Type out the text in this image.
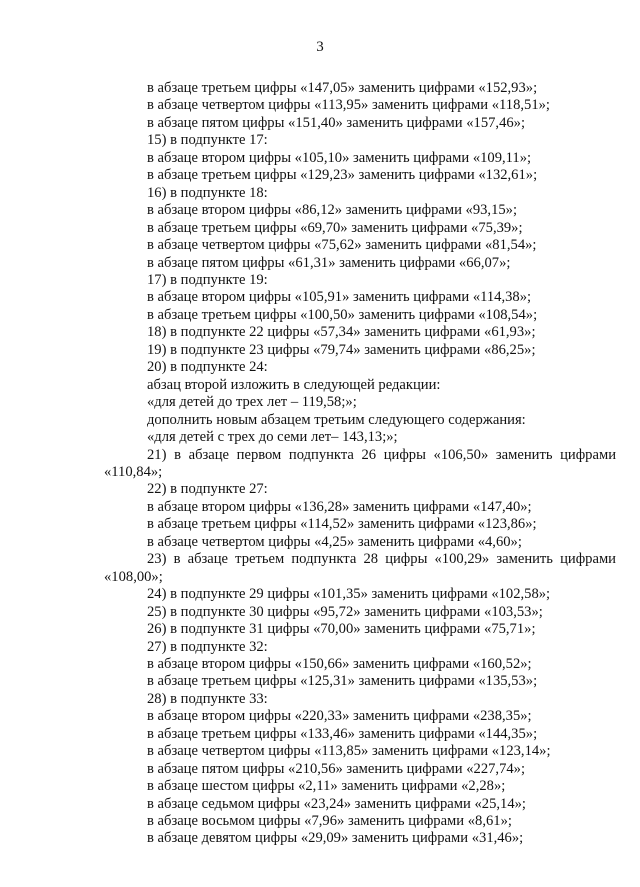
3
в абзаце третьем цифры «147,05» заменить цифрами «152,93»;
в абзаце четвертом цифры «113,95» заменить цифрами «118,51»;
в абзаце пятом цифры «151,40» заменить цифрами «157,46»;
15) в подпункте 17:
в абзаце втором цифры «105,10» заменить цифрами «109,11»;
в абзаце третьем цифры «129,23» заменить цифрами «132,61»;
16) в подпункте 18:
в абзаце втором цифры «86,12» заменить цифрами «93,15»;
в абзаце третьем цифры «69,70» заменить цифрами «75,39»;
в абзаце четвертом цифры «75,62» заменить цифрами «81,54»;
в абзаце пятом цифры «61,31» заменить цифрами «66,07»;
17) в подпункте 19:
в абзаце втором цифры «105,91» заменить цифрами «114,38»;
в абзаце третьем цифры «100,50» заменить цифрами «108,54»;
18) в подпункте 22 цифры «57,34» заменить цифрами «61,93»;
19) в подпункте 23 цифры «79,74» заменить цифрами «86,25»;
20) в подпункте 24:
абзац второй изложить в следующей редакции:
«для детей до трех лет – 119,58;»;
дополнить новым абзацем третьим следующего содержания:
«для детей с трех до семи лет– 143,13;»;
21) в абзаце первом подпункта 26 цифры «106,50» заменить цифрами
«110,84»;
22) в подпункте 27:
в абзаце втором цифры «136,28» заменить цифрами «147,40»;
в абзаце третьем цифры «114,52» заменить цифрами «123,86»;
в абзаце четвертом цифры «4,25» заменить цифрами «4,60»;
23) в абзаце третьем подпункта 28 цифры «100,29» заменить цифрами
«108,00»;
24) в подпункте 29 цифры «101,35» заменить цифрами «102,58»;
25) в подпункте 30 цифры «95,72» заменить цифрами «103,53»;
26) в подпункте 31 цифры «70,00» заменить цифрами «75,71»;
27) в подпункте 32:
в абзаце втором цифры «150,66» заменить цифрами «160,52»;
в абзаце третьем цифры «125,31» заменить цифрами «135,53»;
28) в подпункте 33:
в абзаце втором цифры «220,33» заменить цифрами «238,35»;
в абзаце третьем цифры «133,46» заменить цифрами «144,35»;
в абзаце четвертом цифры «113,85» заменить цифрами «123,14»;
в абзаце пятом цифры «210,56» заменить цифрами «227,74»;
в абзаце шестом цифры «2,11» заменить цифрами «2,28»;
в абзаце седьмом цифры «23,24» заменить цифрами «25,14»;
в абзаце восьмом цифры «7,96» заменить цифрами «8,61»;
в абзаце девятом цифры «29,09» заменить цифрами «31,46»;
